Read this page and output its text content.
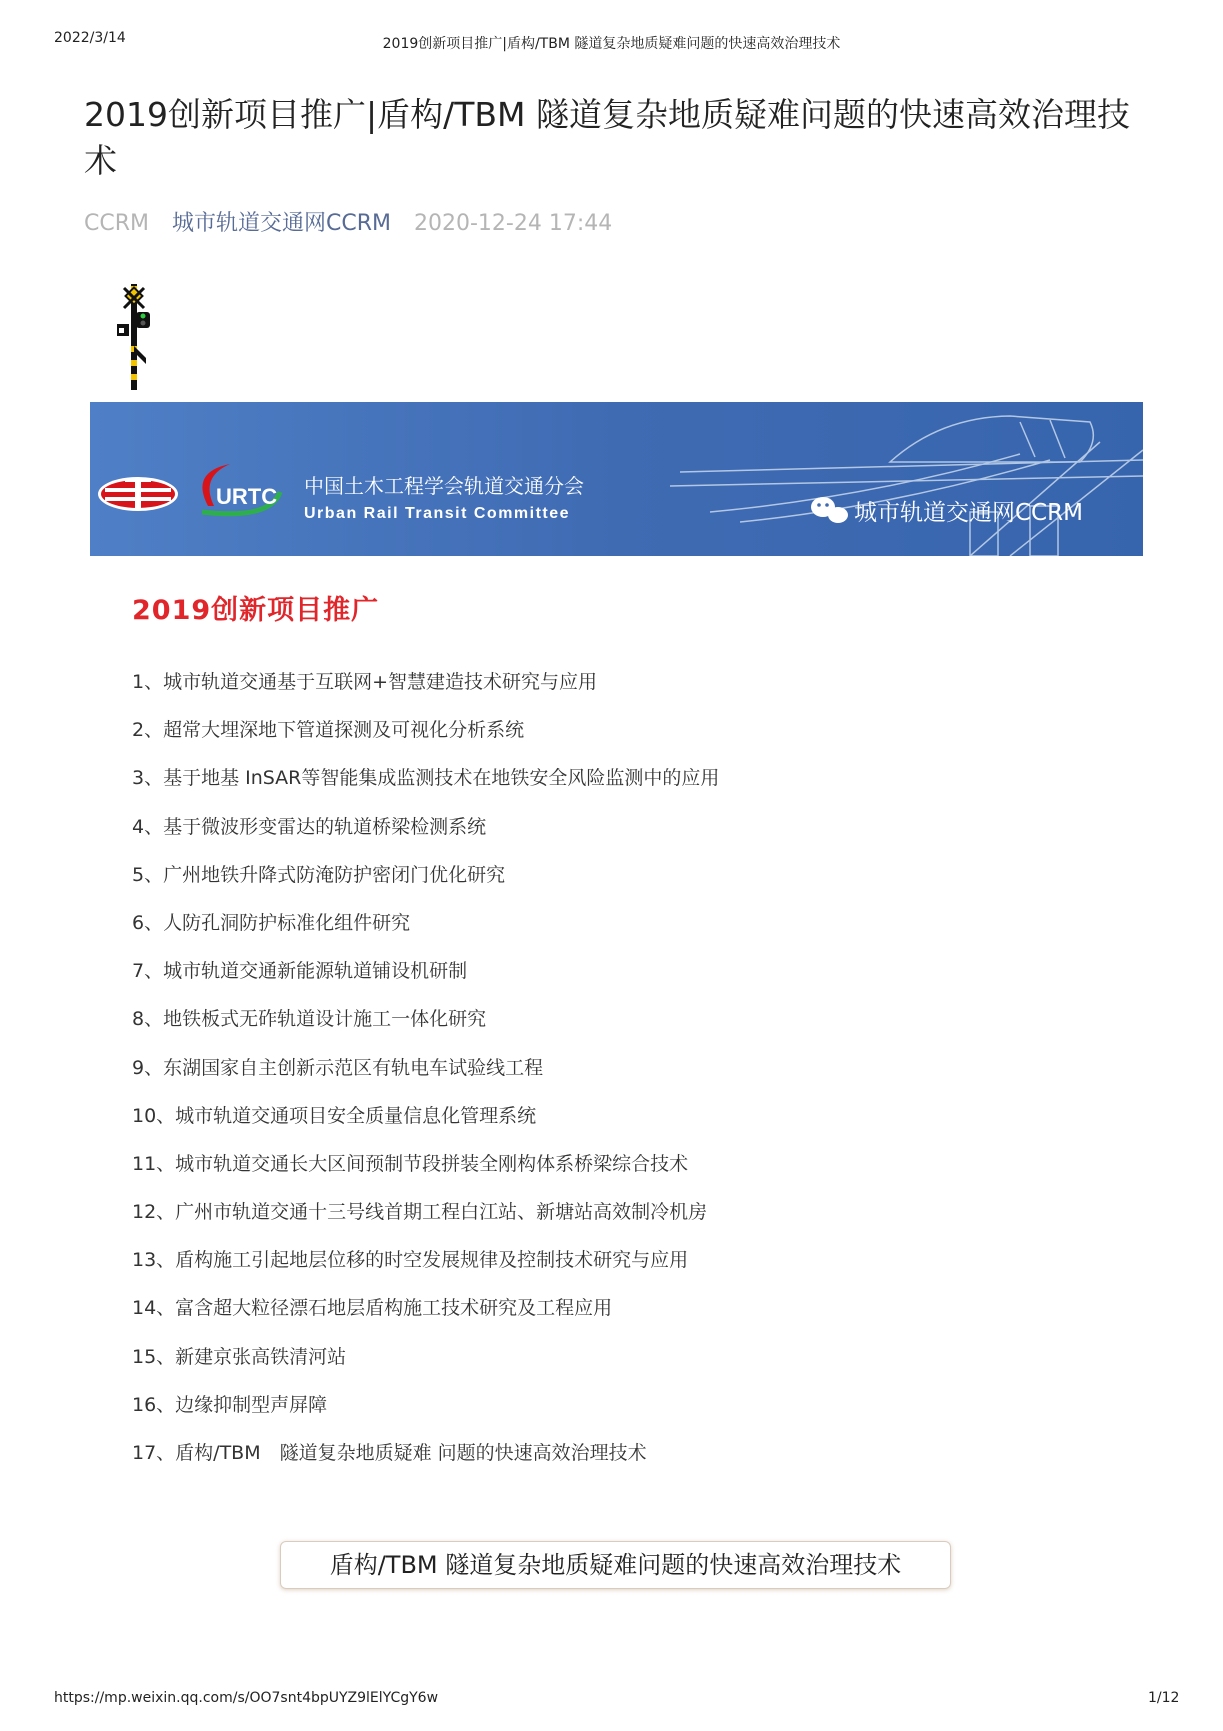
2022/3/14	2019创新项目推广|盾构/TBM 隧道复杂地质疑难问题的快速高效治理技术
2019创新项目推广|盾构/TBM 隧道复杂地质疑难问题的快速高效治理技术
CCRM 城市轨道交通网CCRM 2020-12-24 17:44
URTC 中国土木工程学会轨道交通分会
Urban Rail Transit Committee	城市轨道交通网CCRM
2019创新项目推广
1、城市轨道交通基于互联网+智慧建造技术研究与应用
2、超常大埋深地下管道探测及可视化分析系统
3、基于地基 InSAR等智能集成监测技术在地铁安全风险监测中的应用
4、基于微波形变雷达的轨道桥梁检测系统
5、广州地铁升降式防淹防护密闭门优化研究
6、人防孔洞防护标准化组件研究
7、城市轨道交通新能源轨道铺设机研制
8、地铁板式无砟轨道设计施工一体化研究
9、东湖国家自主创新示范区有轨电车试验线工程
10、城市轨道交通项目安全质量信息化管理系统
11、城市轨道交通长大区间预制节段拼装全刚构体系桥梁综合技术
12、广州市轨道交通十三号线首期工程白江站、新塘站高效制冷机房
13、盾构施工引起地层位移的时空发展规律及控制技术研究与应用
14、富含超大粒径漂石地层盾构施工技术研究及工程应用
15、新建京张高铁清河站
16、边缘抑制型声屏障
17、盾构/TBM　隧道复杂地质疑难 问题的快速高效治理技术
盾构/TBM 隧道复杂地质疑难问题的快速高效治理技术
https://mp.weixin.qq.com/s/OO7snt4bpUYZ9lElYCgY6w	1/12
